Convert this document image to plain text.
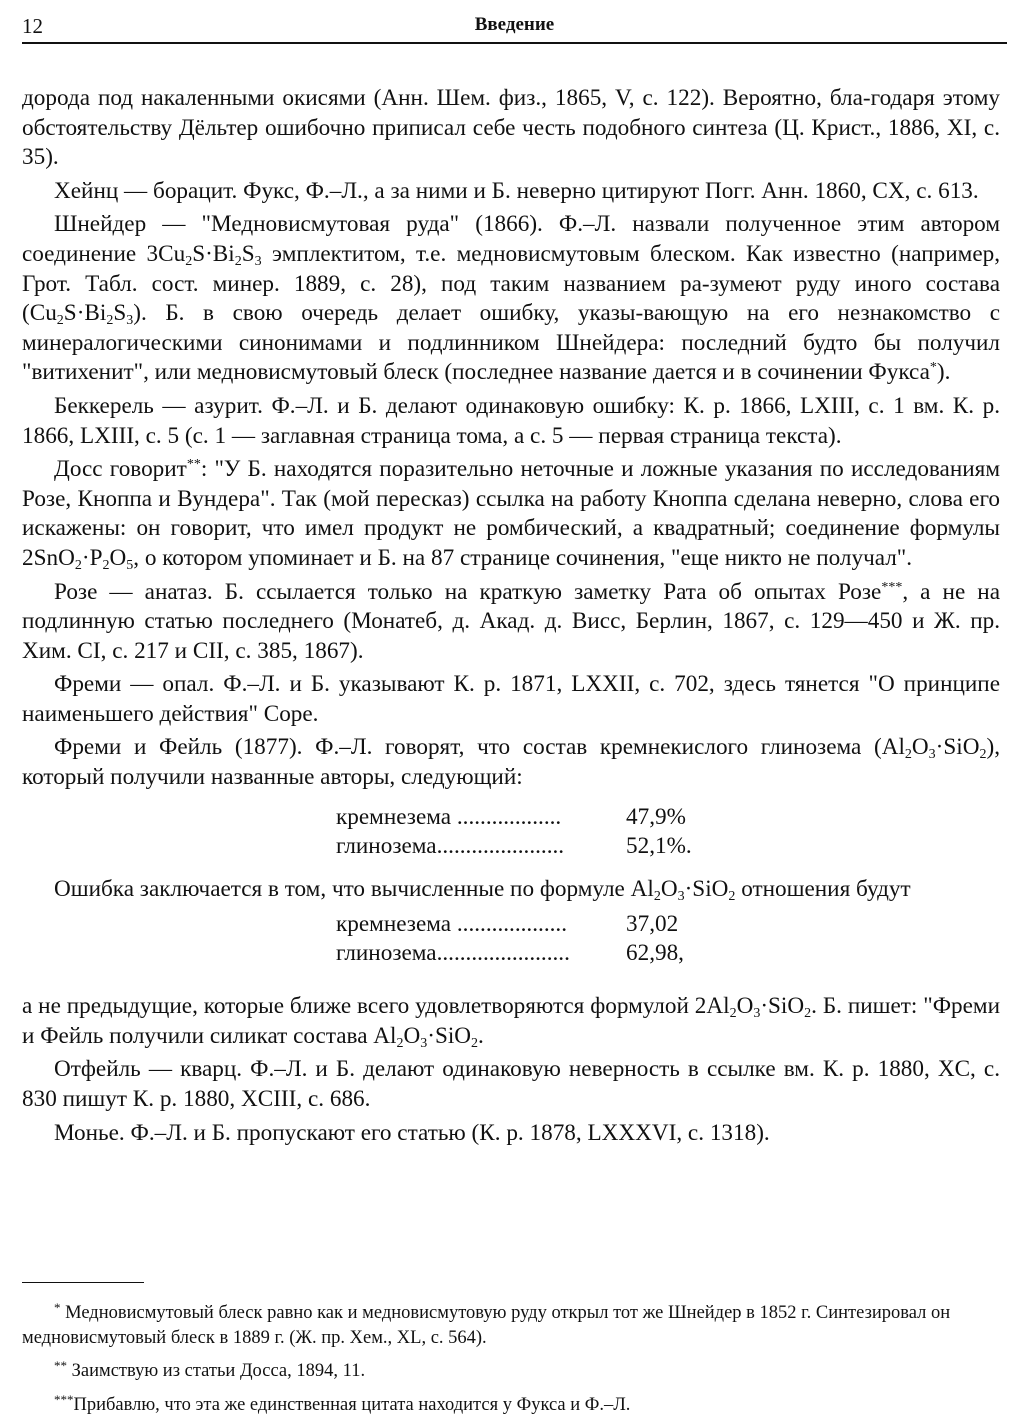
12	Введение

дорода под накаленными окисями (Анн. Шем. физ., 1865, V, с. 122). Вероятно, бла-годаря этому обстоятельству Дёльтер ошибочно приписал себе честь подобного синтеза (Ц. Крист., 1886, XI, с. 35).

Хейнц — борацит. Фукс, Ф.–Л., а за ними и Б. неверно цитируют Погг. Анн. 1860, CX, с. 613.

Шнейдер — "Медновисмутовая руда" (1866). Ф.–Л. назвали полученное этим автором соединение $3Cu_2S\cdot Bi_2S_3$ эмплектитом, т.е. медновисмутовым блеском. Как известно (например, Грот. Табл. сост. минер. 1889, с. 28), под таким названием ра-зумеют руду иного состава $(Cu_2S\cdot Bi_2S_3)$. Б. в свою очередь делает ошибку, указы-вающую на его незнакомство с минералогическими синонимами и подлинником Шнейдера: последний будто бы получил "витихенит", или медновисмутовый блеск (последнее название дается и в сочинении Фукса*).

Беккерель — азурит. Ф.–Л. и Б. делают одинаковую ошибку: К. р. 1866, LXIII, с. 1 вм. К. р. 1866, LXIII, с. 5 (с. 1 — заглавная страница тома, а с. 5 — первая страница текста).

Досс говорит**: "У Б. находятся поразительно неточные и ложные указания по исследованиям Розе, Кноппа и Вундера". Так (мой пересказ) ссылка на работу Кноппа сделана неверно, слова его искажены: он говорит, что имел продукт не ромбический, а квадратный; соединение формулы $2SnO_2\cdot P_2O_5$, о котором упоминает и Б. на 87 странице сочинения, "еще никто не получал".

Розе — анатаз. Б. ссылается только на краткую заметку Рата об опытах Розе***, а не на подлинную статью последнего (Монатеб, д. Акад. д. Висс, Берлин, 1867, с. 129—450 и Ж. пр. Хим. CI, с. 217 и CII, с. 385, 1867).

Фреми — опал. Ф.–Л. и Б. указывают К. р. 1871, LXXII, с. 702, здесь тянется "О принципе наименьшего действия" Cope.

Фреми и Фейль (1877). Ф.–Л. говорят, что состав кремнекислого глинозема $(Al_2O_3\cdot SiO_2)$, который получили названные авторы, следующий:

кремнезема ..................	47,9%
глинозема......................	52,1%.

Ошибка заключается в том, что вычисленные по формуле $Al_2O_3\cdot SiO_2$ отношения будут

кремнезема ...................	37,02
глинозема.......................	62,98,

а не предыдущие, которые ближе всего удовлетворяются формулой $2Al_2O_3\cdot SiO_2$. Б. пишет: "Фреми и Фейль получили силикат состава $Al_2O_3\cdot SiO_2$.

Отфейль — кварц. Ф.–Л. и Б. делают одинаковую неверность в ссылке вм. К. р. 1880, XC, с. 830 пишут К. р. 1880, XCIII, с. 686.

Монье. Ф.–Л. и Б. пропускают его статью (К. р. 1878, LXXXVI, с. 1318).

* Медновисмутовый блеск равно как и медновисмутовую руду открыл тот же Шнейдер в 1852 г. Синтезировал он медновисмутовый блеск в 1889 г. (Ж. пр. Хем., XL, с. 564).

** Заимствую из статьи Досса, 1894, 11.

***Прибавлю, что эта же единственная цитата находится у Фукса и Ф.–Л.
